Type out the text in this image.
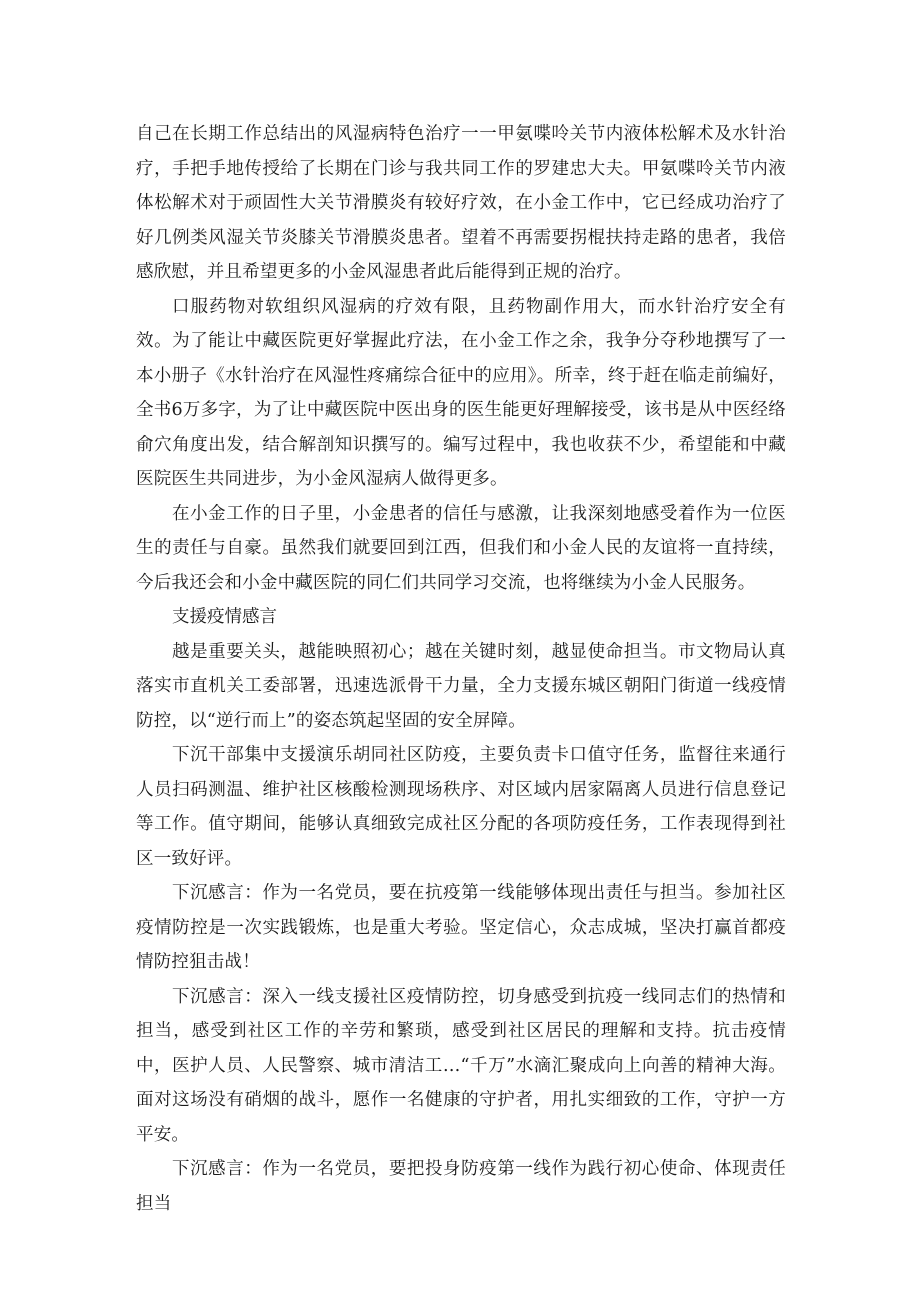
自己在长期工作总结出的风湿病特色治疗一一甲氨喋呤关节内液体松解术及水针治疗，手把手地传授给了长期在门诊与我共同工作的罗建忠大夫。甲氨喋呤关节内液体松解术对于顽固性大关节滑膜炎有较好疗效，在小金工作中，它已经成功治疗了好几例类风湿关节炎膝关节滑膜炎患者。望着不再需要拐棍扶持走路的患者，我倍感欣慰，并且希望更多的小金风湿患者此后能得到正规的治疗。

口服药物对软组织风湿病的疗效有限，且药物副作用大，而水针治疗安全有效。为了能让中藏医院更好掌握此疗法，在小金工作之余，我争分夺秒地撰写了一本小册子《水针治疗在风湿性疼痛综合征中的应用》。所幸，终于赶在临走前编好，全书6万多字，为了让中藏医院中医出身的医生能更好理解接受，该书是从中医经络俞穴角度出发，结合解剖知识撰写的。编写过程中，我也收获不少，希望能和中藏医院医生共同进步，为小金风湿病人做得更多。

在小金工作的日子里，小金患者的信任与感激，让我深刻地感受着作为一位医生的责任与自豪。虽然我们就要回到江西，但我们和小金人民的友谊将一直持续，今后我还会和小金中藏医院的同仁们共同学习交流，也将继续为小金人民服务。

支援疫情感言

越是重要关头，越能映照初心；越在关键时刻，越显使命担当。市文物局认真落实市直机关工委部署，迅速选派骨干力量，全力支援东城区朝阳门街道一线疫情防控，以“逆行而上”的姿态筑起坚固的安全屏障。

下沉干部集中支援演乐胡同社区防疫，主要负责卡口值守任务，监督往来通行人员扫码测温、维护社区核酸检测现场秩序、对区域内居家隔离人员进行信息登记等工作。值守期间，能够认真细致完成社区分配的各项防疫任务，工作表现得到社区一致好评。

下沉感言：作为一名党员，要在抗疫第一线能够体现出责任与担当。参加社区疫情防控是一次实践锻炼，也是重大考验。坚定信心，众志成城，坚决打赢首都疫情防控狙击战！

下沉感言：深入一线支援社区疫情防控，切身感受到抗疫一线同志们的热情和担当，感受到社区工作的辛劳和繁琐，感受到社区居民的理解和支持。抗击疫情中，医护人员、人民警察、城市清洁工…“千万”水滴汇聚成向上向善的精神大海。面对这场没有硝烟的战斗，愿作一名健康的守护者，用扎实细致的工作，守护一方平安。

下沉感言：作为一名党员，要把投身防疫第一线作为践行初心使命、体现责任担当
